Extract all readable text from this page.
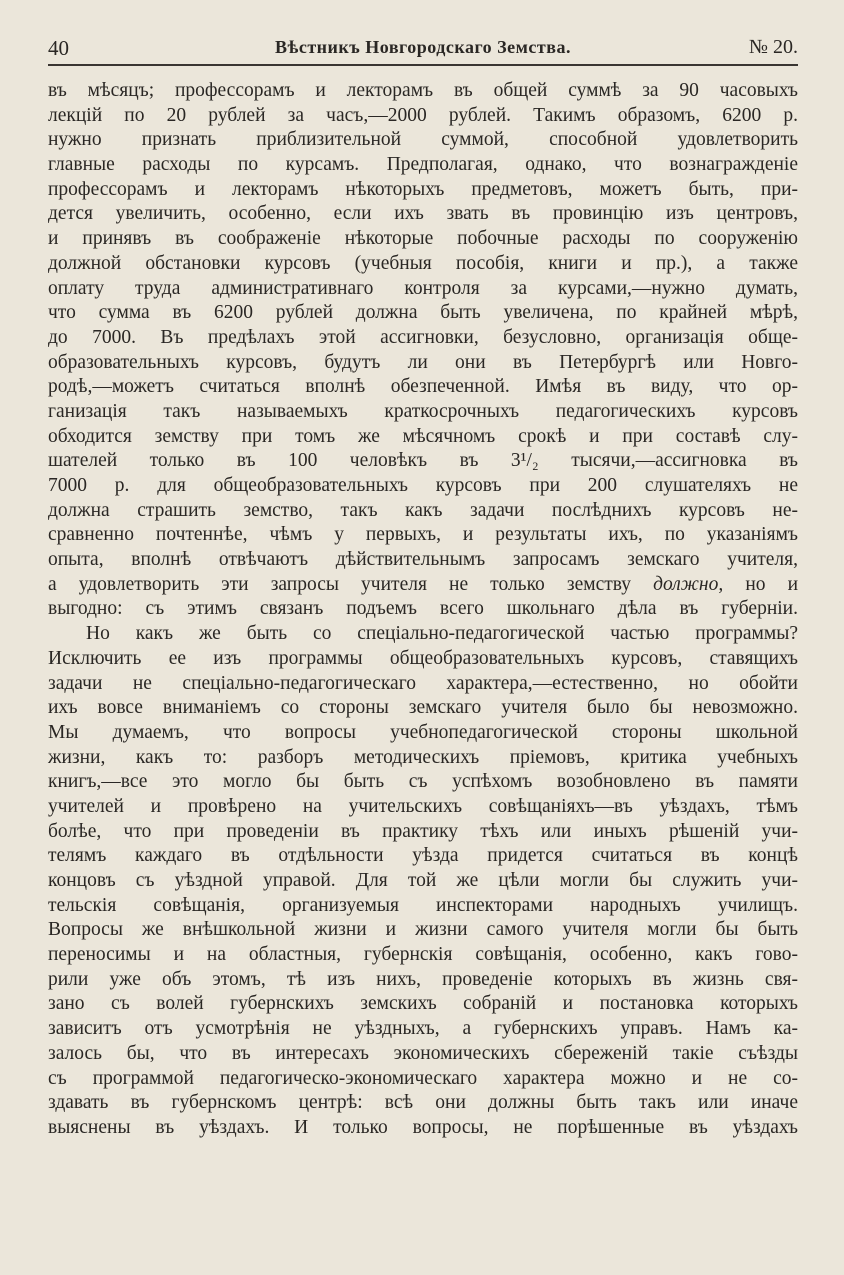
40	Вѣстникъ Новгородскаго Земства.	№ 20.
въ мѣсяцъ; профессорамъ и лекторамъ въ общей суммѣ за 90 часовыхъ
лекцій по 20 рублей за часъ,—2000 рублей. Такимъ образомъ, 6200 р.
нужно признать приблизительной суммой, способной удовлетворить
главные расходы по курсамъ. Предполагая, однако, что вознагражденіе
профессорамъ и лекторамъ нѣкоторыхъ предметовъ, можетъ быть, при-
дется увеличить, особенно, если ихъ звать въ провинцію изъ центровъ,
и принявъ въ соображеніе нѣкоторые побочные расходы по сооруженію
должной обстановки курсовъ (учебныя пособія, книги и пр.), а также
оплату труда административнаго контроля за курсами,—нужно думать,
что сумма въ 6200 рублей должна быть увеличена, по крайней мѣрѣ,
до 7000. Въ предѣлахъ этой ассигновки, безусловно, организація обще-
образовательныхъ курсовъ, будутъ ли они въ Петербургѣ или Новго-
родѣ,—можетъ считаться вполнѣ обезпеченной. Имѣя въ виду, что ор-
ганизація такъ называемыхъ краткосрочныхъ педагогическихъ курсовъ
обходится земству при томъ же мѣсячномъ срокѣ и при составѣ слу-
шателей только въ 100 человѣкъ въ 3¹/₂ тысячи,—ассигновка въ
7000 р. для общеобразовательныхъ курсовъ при 200 слушателяхъ не
должна страшить земство, такъ какъ задачи послѣднихъ курсовъ не-
сравненно почтеннѣе, чѣмъ у первыхъ, и результаты ихъ, по указаніямъ
опыта, вполнѣ отвѣчаютъ дѣйствительнымъ запросамъ земскаго учителя,
а удовлетворить эти запросы учителя не только земству должно, но и
выгодно: съ этимъ связанъ подъемъ всего школьнаго дѣла въ губерніи.
Но какъ же быть со спеціально-педагогической частью программы?
Исключить ее изъ программы общеобразовательныхъ курсовъ, ставящихъ
задачи не спеціально-педагогическаго характера,—естественно, но обойти
ихъ вовсе вниманіемъ со стороны земскаго учителя было бы невозможно.
Мы думаемъ, что вопросы учебнопедагогической стороны школьной
жизни, какъ то: разборъ методическихъ пріемовъ, критика учебныхъ
книгъ,—все это могло бы быть съ успѣхомъ возобновлено въ памяти
учителей и провѣрено на учительскихъ совѣщаніяхъ—въ уѣздахъ, тѣмъ
болѣе, что при проведеніи въ практику тѣхъ или иныхъ рѣшеній учи-
телямъ каждаго въ отдѣльности уѣзда придется считаться въ концѣ
концовъ съ уѣздной управой. Для той же цѣли могли бы служить учи-
тельскія совѣщанія, организуемыя инспекторами народныхъ училищъ.
Вопросы же внѣшкольной жизни и жизни самого учителя могли бы быть
переносимы и на областныя, губернскія совѣщанія, особенно, какъ гово-
рили уже объ этомъ, тѣ изъ нихъ, проведеніе которыхъ въ жизнь свя-
зано съ волей губернскихъ земскихъ собраній и постановка которыхъ
зависитъ отъ усмотрѣнія не уѣздныхъ, а губернскихъ управъ. Намъ ка-
залось бы, что въ интересахъ экономическихъ сбереженій такіе съѣзды
съ программой педагогическо-экономическаго характера можно и не со-
здавать въ губернскомъ центрѣ: всѣ они должны быть такъ или иначе
выяснены въ уѣздахъ. И только вопросы, не порѣшенные въ уѣздахъ
